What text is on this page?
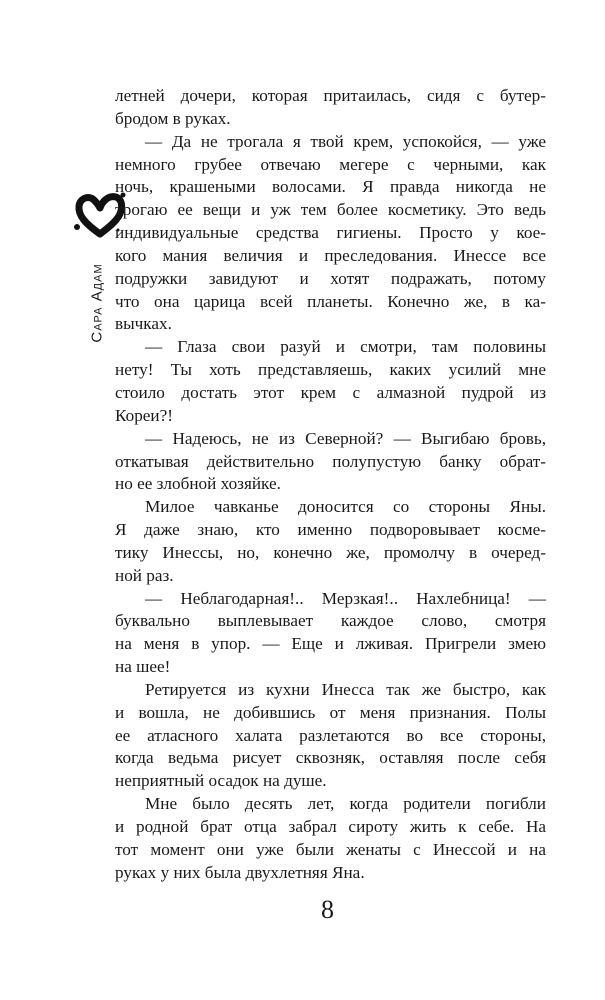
Сара Адам
летней дочери, которая притаилась, сидя с бутер-
бродом в руках.
— Да не трогала я твой крем, успокойся, — уже
немного грубее отвечаю мегере с черными, как
ночь, крашеными волосами. Я правда никогда не
трогаю ее вещи и уж тем более косметику. Это ведь
индивидуальные средства гигиены. Просто у кое-
кого мания величия и преследования. Инессе все
подружки завидуют и хотят подражать, потому
что она царица всей планеты. Конечно же, в ка-
вычках.
— Глаза свои разуй и смотри, там половины
нету! Ты хоть представляешь, каких усилий мне
стоило достать этот крем с алмазной пудрой из
Кореи?!
— Надеюсь, не из Северной? — Выгибаю бровь,
откатывая действительно полупустую банку обрат-
но ее злобной хозяйке.
Милое чавканье доносится со стороны Яны.
Я даже знаю, кто именно подворовывает косме-
тику Инессы, но, конечно же, промолчу в очеред-
ной раз.
— Неблагодарная!.. Мерзкая!.. Нахлебница! —
буквально выплевывает каждое слово, смотря
на меня в упор. — Еще и лживая. Пригрели змею
на шее!
Ретируется из кухни Инесса так же быстро, как
и вошла, не добившись от меня признания. Полы
ее атласного халата разлетаются во все стороны,
когда ведьма рисует сквозняк, оставляя после себя
неприятный осадок на душе.
Мне было десять лет, когда родители погибли
и родной брат отца забрал сироту жить к себе. На
тот момент они уже были женаты с Инессой и на
руках у них была двухлетняя Яна.
8
